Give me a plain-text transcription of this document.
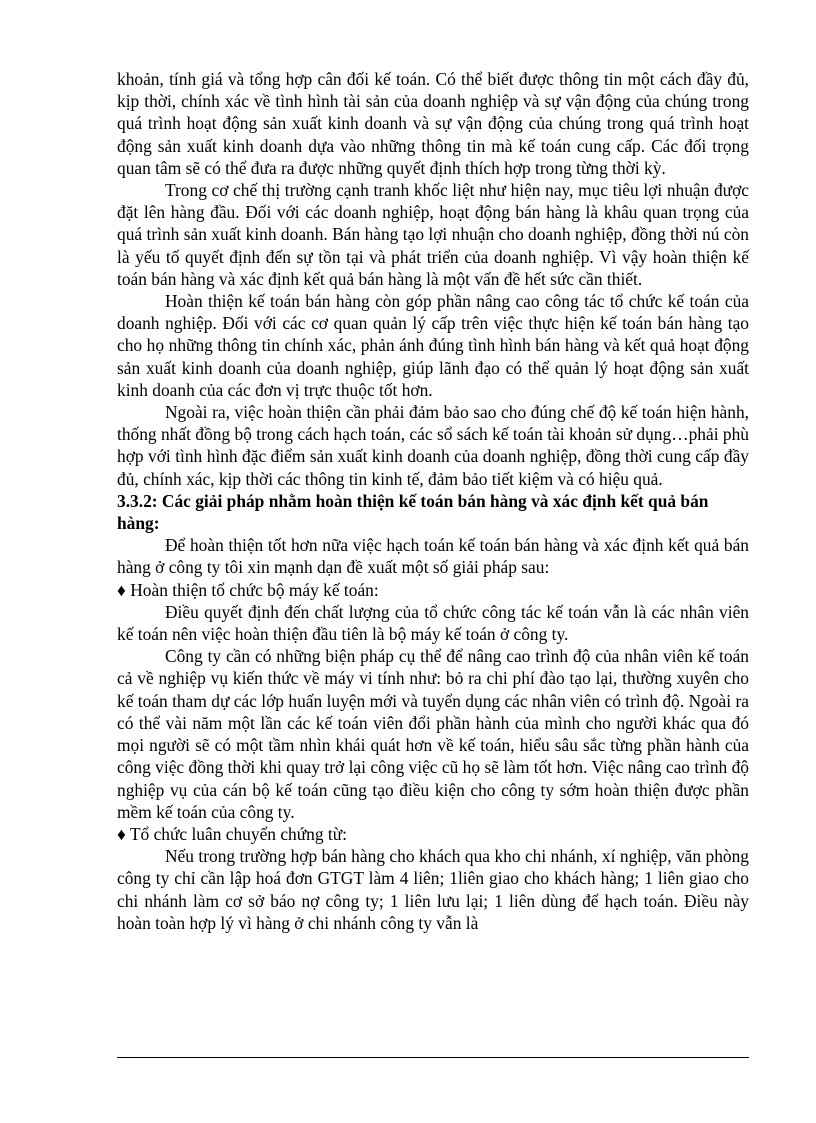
khoản, tính giá và tổng hợp cân đối kế toán. Có thể biết được thông tin một cách đầy đủ, kịp thời, chính xác về tình hình tài sản của doanh nghiệp và sự vận động của chúng trong quá trình hoạt động sản xuất kinh doanh và sự vận động của chúng trong quá trình hoạt động sản xuất kinh doanh dựa vào những thông tin mà kế toán cung cấp. Các đối trọng quan tâm sẽ có thể đưa ra được những quyết định thích hợp trong từng thời kỳ.

Trong cơ chế thị trường cạnh tranh khốc liệt như hiện nay, mục tiêu lợi nhuận được đặt lên hàng đầu. Đối với các doanh nghiệp, hoạt động bán hàng là khâu quan trọng của quá trình sản xuất kinh doanh. Bán hàng tạo lợi nhuận cho doanh nghiệp, đồng thời nú còn là yếu tố quyết định đến sự tồn tại và phát triển của doanh nghiệp. Vì vậy hoàn thiện kế toán bán hàng và xác định kết quả bán hàng là một vấn đề hết sức cần thiết.

Hoàn thiện kế toán bán hàng còn góp phần nâng cao công tác tổ chức kế toán của doanh nghiệp. Đối với các cơ quan quản lý cấp trên việc thực hiện kế toán bán hàng tạo cho họ những thông tin chính xác, phản ánh đúng tình hình bán hàng và kết quả hoạt động sản xuất kinh doanh của doanh nghiệp, giúp lãnh đạo có thể quản lý hoạt động sản xuất kinh doanh của các đơn vị trực thuộc tốt hơn.

Ngoài ra, việc hoàn thiện cần phải đảm bảo sao cho đúng chế độ kế toán hiện hành, thống nhất đồng bộ trong cách hạch toán, các sổ sách kế toán tài khoản sử dụng…phải phù hợp với tình hình đặc điểm sản xuất kinh doanh của doanh nghiệp, đồng thời cung cấp đầy đủ, chính xác, kịp thời các thông tin kinh tế, đảm bảo tiết kiệm và có hiệu quả.

3.3.2: Các giải pháp nhằm hoàn thiện kế toán bán hàng và xác định kết quả bán hàng:

Để hoàn thiện tốt hơn nữa việc hạch toán kế toán bán hàng và xác định kết quả bán hàng ở công ty tôi xin mạnh dạn đề xuất một số giải pháp sau:

♦ Hoàn thiện tổ chức bộ máy kế toán:

Điều quyết định đến chất lượng của tổ chức công tác kế toán vẫn là các nhân viên kế toán nên việc hoàn thiện đầu tiên là bộ máy kế toán ở công ty.

Công ty cần có những biện pháp cụ thể để nâng cao trình độ của nhân viên kế toán cả về nghiệp vụ kiến thức về máy vi tính như: bỏ ra chi phí đào tạo lại, thường xuyên cho kế toán tham dự các lớp huấn luyện mới và tuyển dụng các nhân viên có trình độ. Ngoài ra có thể vài năm một lần các kế toán viên đổi phần hành của mình cho người khác qua đó mọi người sẽ có một tầm nhìn khái quát hơn về kế toán, hiểu sâu sắc từng phần hành của công việc đồng thời khi quay trở lại công việc cũ họ sẽ làm tốt hơn. Việc nâng cao trình độ nghiệp vụ của cán bộ kế toán cũng tạo điều kiện cho công ty sớm hoàn thiện được phần mềm kế toán của công ty.

♦ Tổ chức luân chuyển chứng từ:

Nếu trong trường hợp bán hàng cho khách qua kho chi nhánh, xí nghiệp, văn phòng công ty chỉ cần lập hoá đơn GTGT làm 4 liên; 1liên giao cho khách hàng; 1 liên giao cho chi nhánh làm cơ sở báo nợ công ty; 1 liên lưu lại; 1 liên dùng để hạch toán. Điều này hoàn toàn hợp lý vì hàng ở chi nhánh công ty vẫn là
